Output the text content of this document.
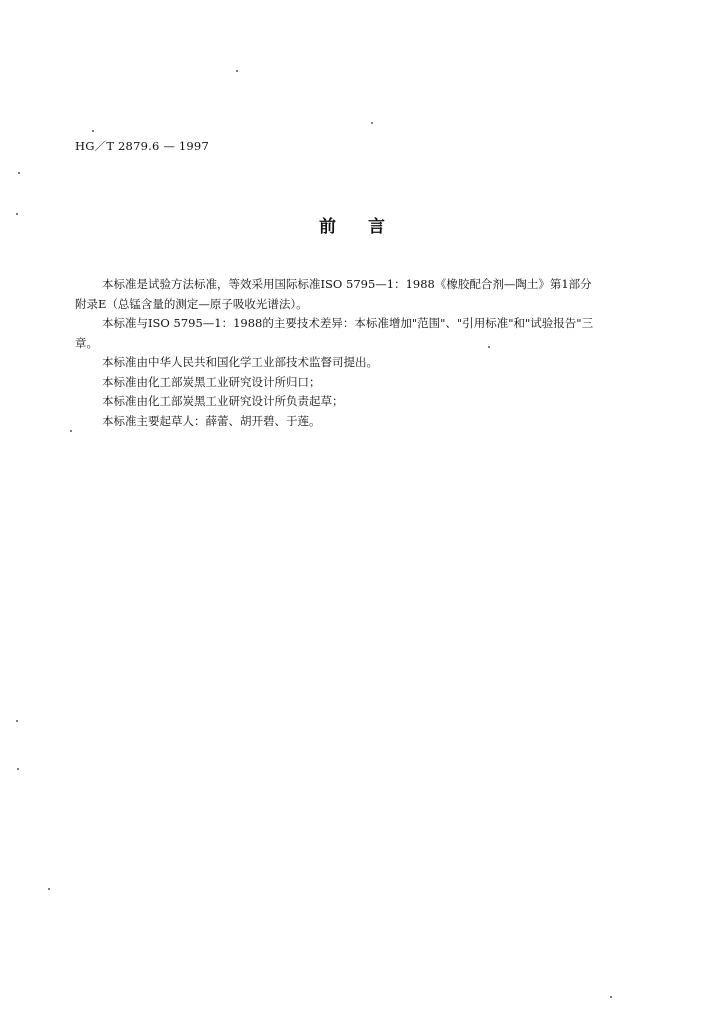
HG／T 2879.6 — 1997
前言
本标准是试验方法标准，等效采用国际标准ISO 5795—1：1988《橡胶配合剂—陶土》第1部分
附录E（总锰含量的测定—原子吸收光谱法）。
本标准与ISO 5795—1：1988的主要技术差异：本标准增加"范围"、"引用标准"和"试验报告"三
章。
本标准由中华人民共和国化学工业部技术监督司提出。
本标准由化工部炭黑工业研究设计所归口；
本标准由化工部炭黑工业研究设计所负责起草；
本标准主要起草人：薛蕾、胡开碧、于莲。
